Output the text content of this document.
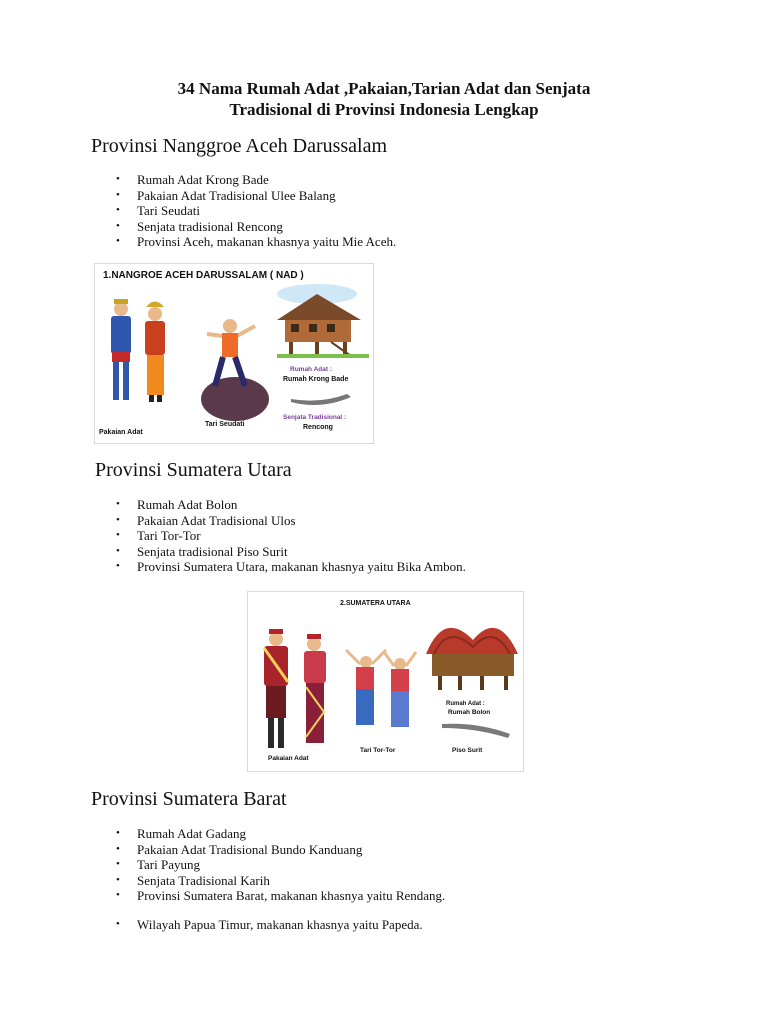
34 Nama Rumah Adat ,Pakaian,Tarian Adat dan Senjata
Tradisional di Provinsi Indonesia Lengkap
Provinsi Nanggroe Aceh Darussalam
• Rumah Adat Krong Bade
• Pakaian Adat Tradisional Ulee Balang
• Tari Seudati
• Senjata tradisional Rencong
• Provinsi Aceh, makanan khasnya yaitu Mie Aceh.
1.NANGROE ACEH DARUSSALAM ( NAD )
Pakaian Adat
Tari Seudati
Rumah Adat :
Rumah Krong Bade
Senjata Tradisional :
Rencong
Provinsi Sumatera Utara
• Rumah Adat Bolon
• Pakaian Adat Tradisional Ulos
• Tari Tor-Tor
• Senjata tradisional Piso Surit
• Provinsi Sumatera Utara, makanan khasnya yaitu Bika Ambon.
2.SUMATERA UTARA
Pakaian Adat
Tari Tor-Tor
Rumah Adat :
Rumah Bolon
Piso Surit
Provinsi Sumatera Barat
• Rumah Adat Gadang
• Pakaian Adat Tradisional Bundo Kanduang
• Tari Payung
• Senjata Tradisional Karih
• Provinsi Sumatera Barat, makanan khasnya yaitu Rendang.
• Wilayah Papua Timur, makanan khasnya yaitu Papeda.
